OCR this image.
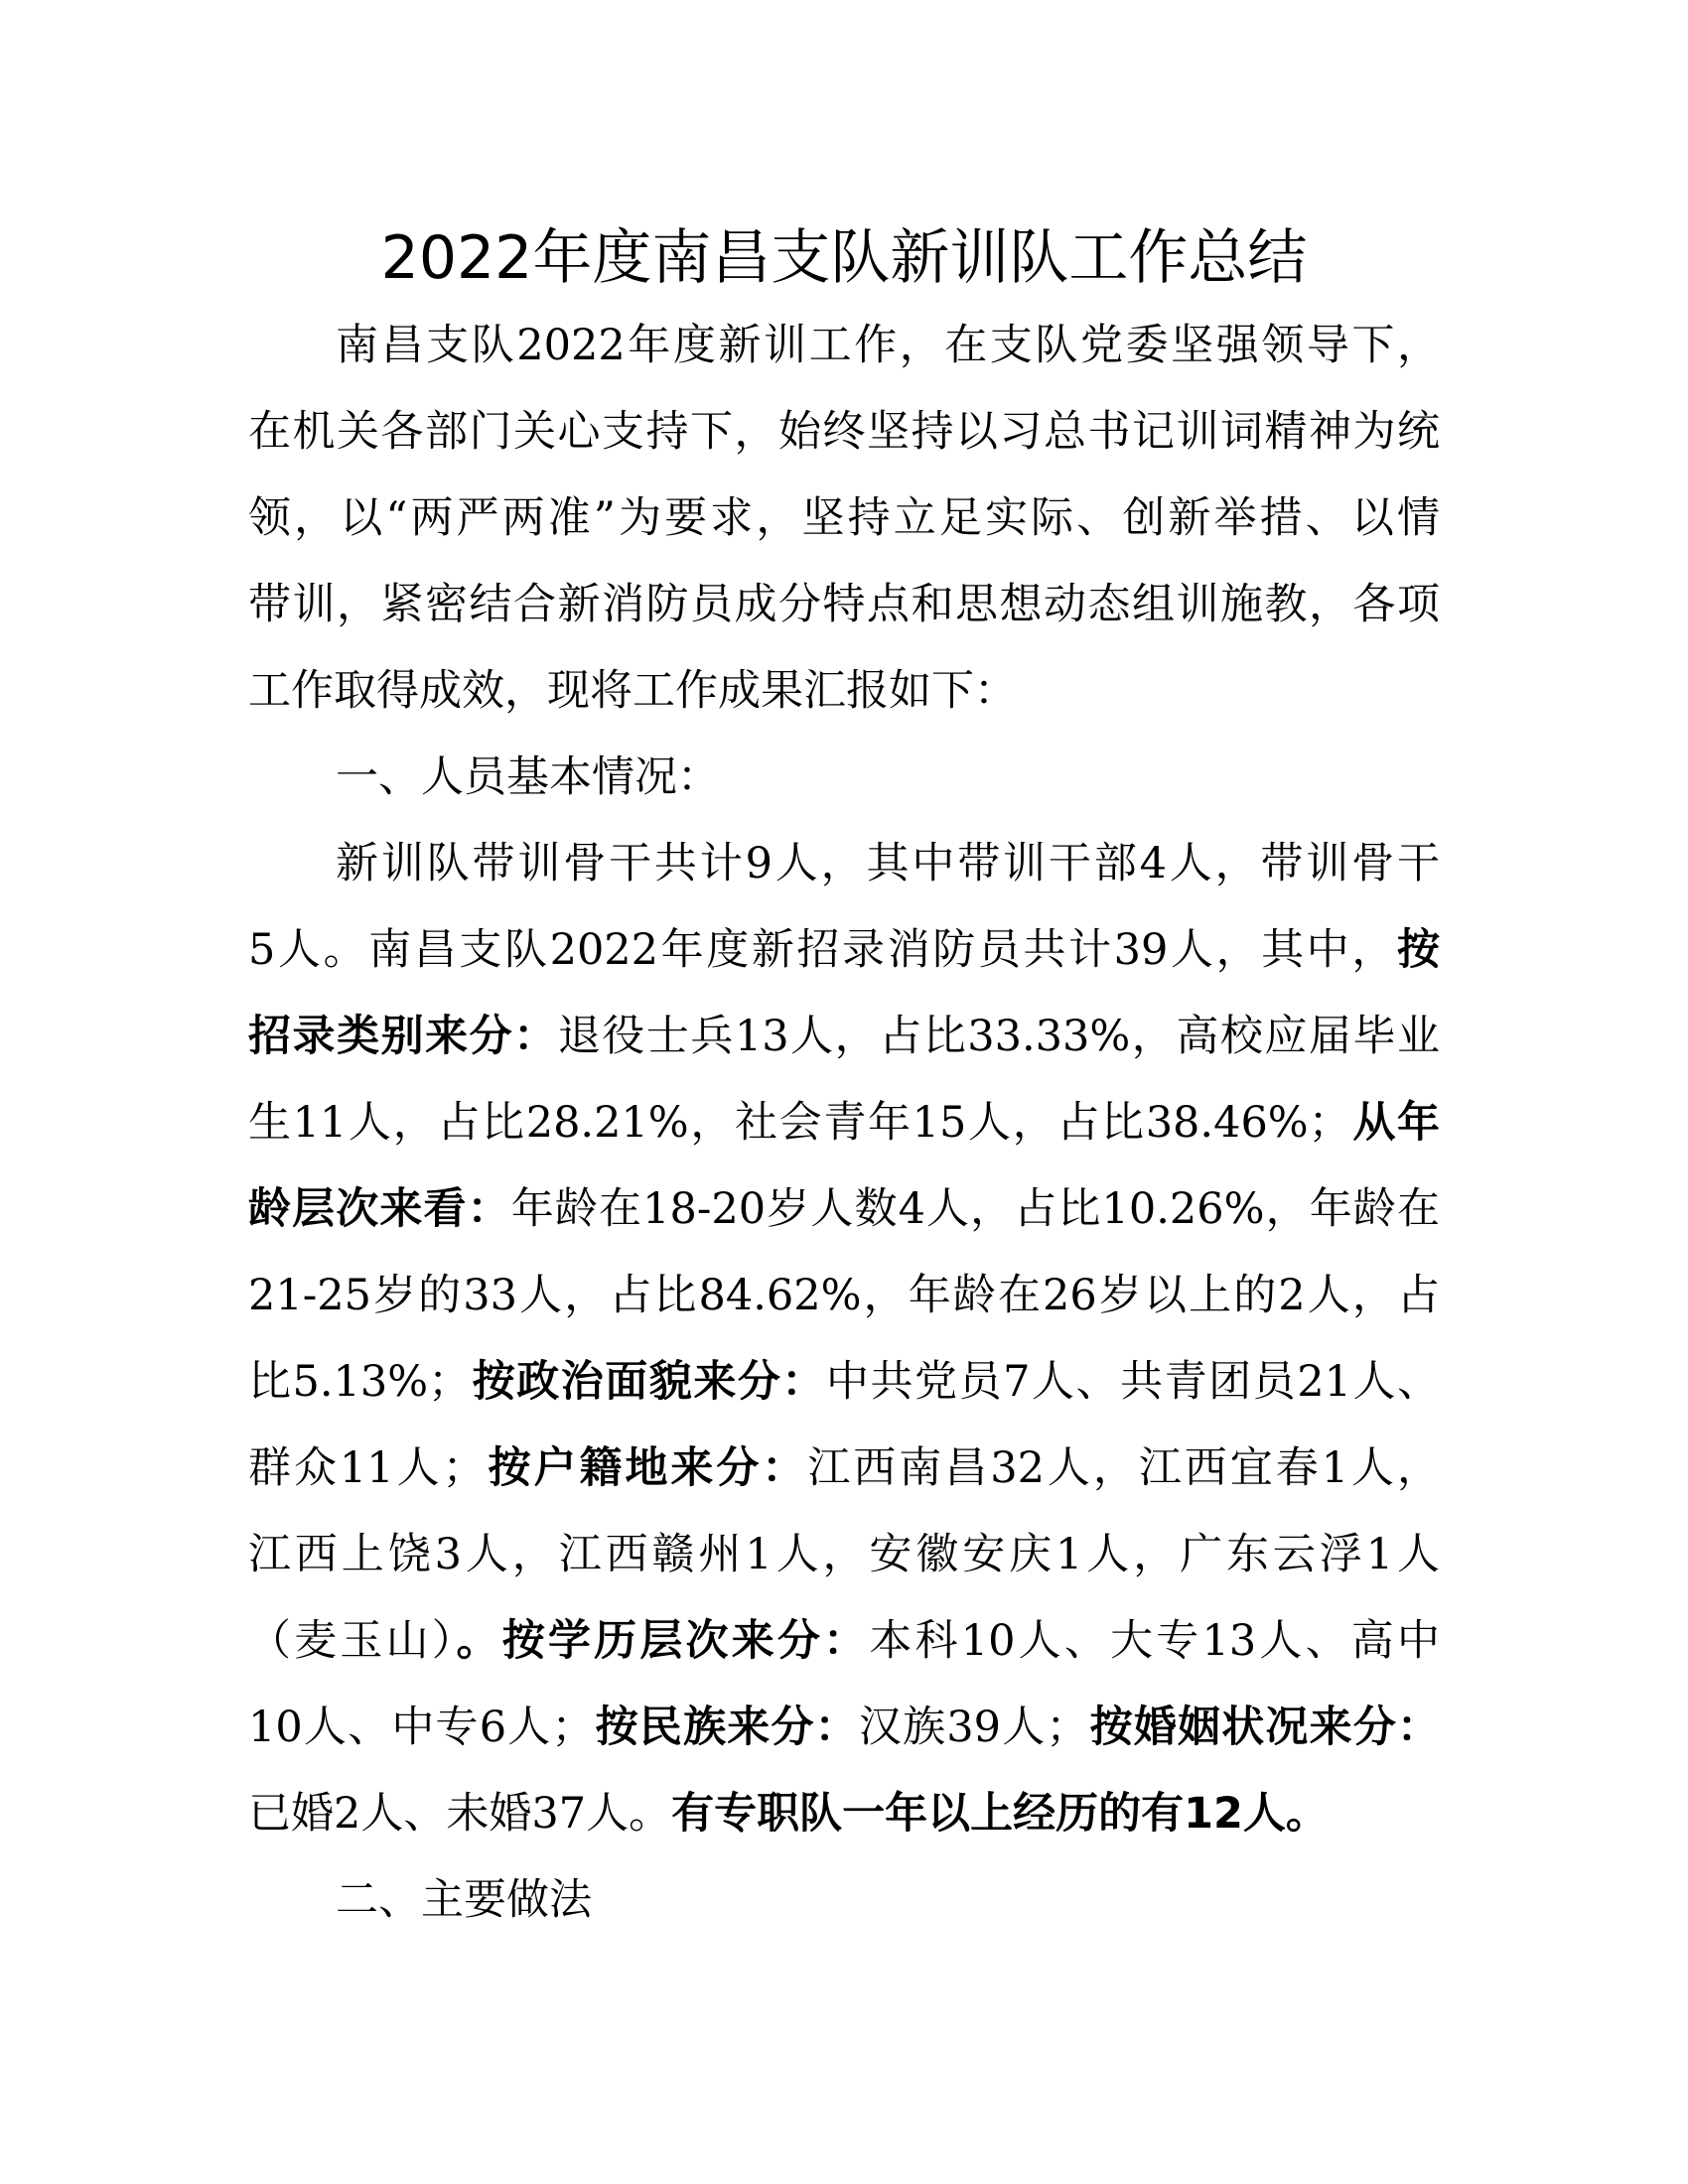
2022年度南昌支队新训队工作总结
南昌支队2022年度新训工作，在支队党委坚强领导下，
在机关各部门关心支持下，始终坚持以习总书记训词精神为统
领，以“两严两准”为要求，坚持立足实际、创新举措、以情
带训，紧密结合新消防员成分特点和思想动态组训施教，各项
工作取得成效，现将工作成果汇报如下：
一、人员基本情况：
新训队带训骨干共计9人，其中带训干部4人，带训骨干
5人。南昌支队2022年度新招录消防员共计39人，其中，按
招录类别来分：退役士兵13人，占比33.33%，高校应届毕业
生11人，占比28.21%，社会青年15人，占比38.46%；从年
龄层次来看：年龄在18-20岁人数4人，占比10.26%，年龄在
21-25岁的33人，占比84.62%，年龄在26岁以上的2人，占
比5.13%；按政治面貌来分：中共党员7人、共青团员21人、
群众11人；按户籍地来分：江西南昌32人，江西宜春1人，
江西上饶3人，江西赣州1人，安徽安庆1人，广东云浮1人
（麦玉山）。按学历层次来分：本科10人、大专13人、高中
10人、中专6人；按民族来分：汉族39人；按婚姻状况来分：
已婚2人、未婚37人。有专职队一年以上经历的有12人。
二、主要做法
